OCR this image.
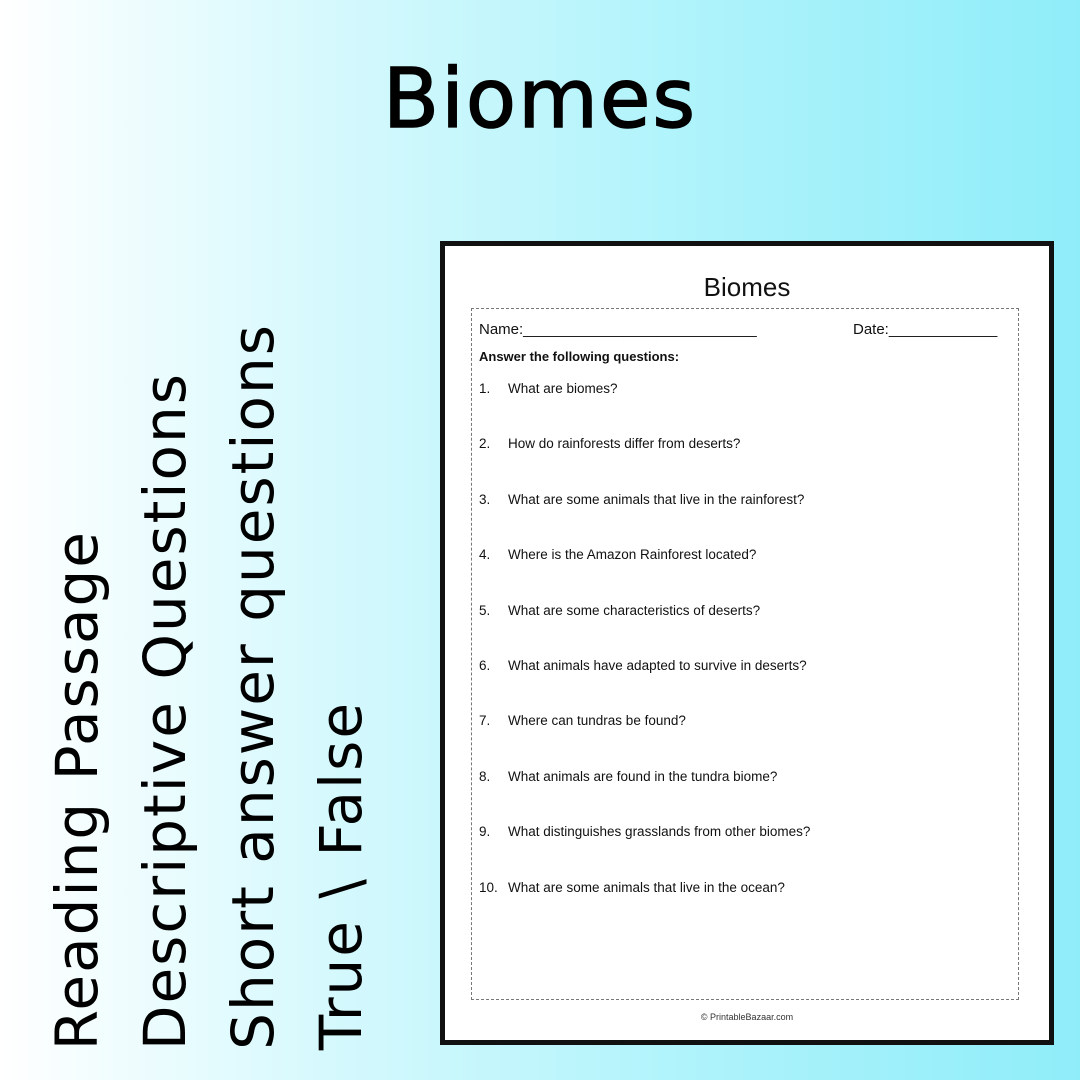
Biomes
Reading Passage Descriptive Questions Short answer questions True \ False
Biomes
Name:____________________________	Date:_____________
Answer the following questions:
1. What are biomes?
2. How do rainforests differ from deserts?
3. What are some animals that live in the rainforest?
4. Where is the Amazon Rainforest located?
5. What are some characteristics of deserts?
6. What animals have adapted to survive in deserts?
7. Where can tundras be found?
8. What animals are found in the tundra biome?
9. What distinguishes grasslands from other biomes?
10. What are some animals that live in the ocean?
© PrintableBazaar.com
